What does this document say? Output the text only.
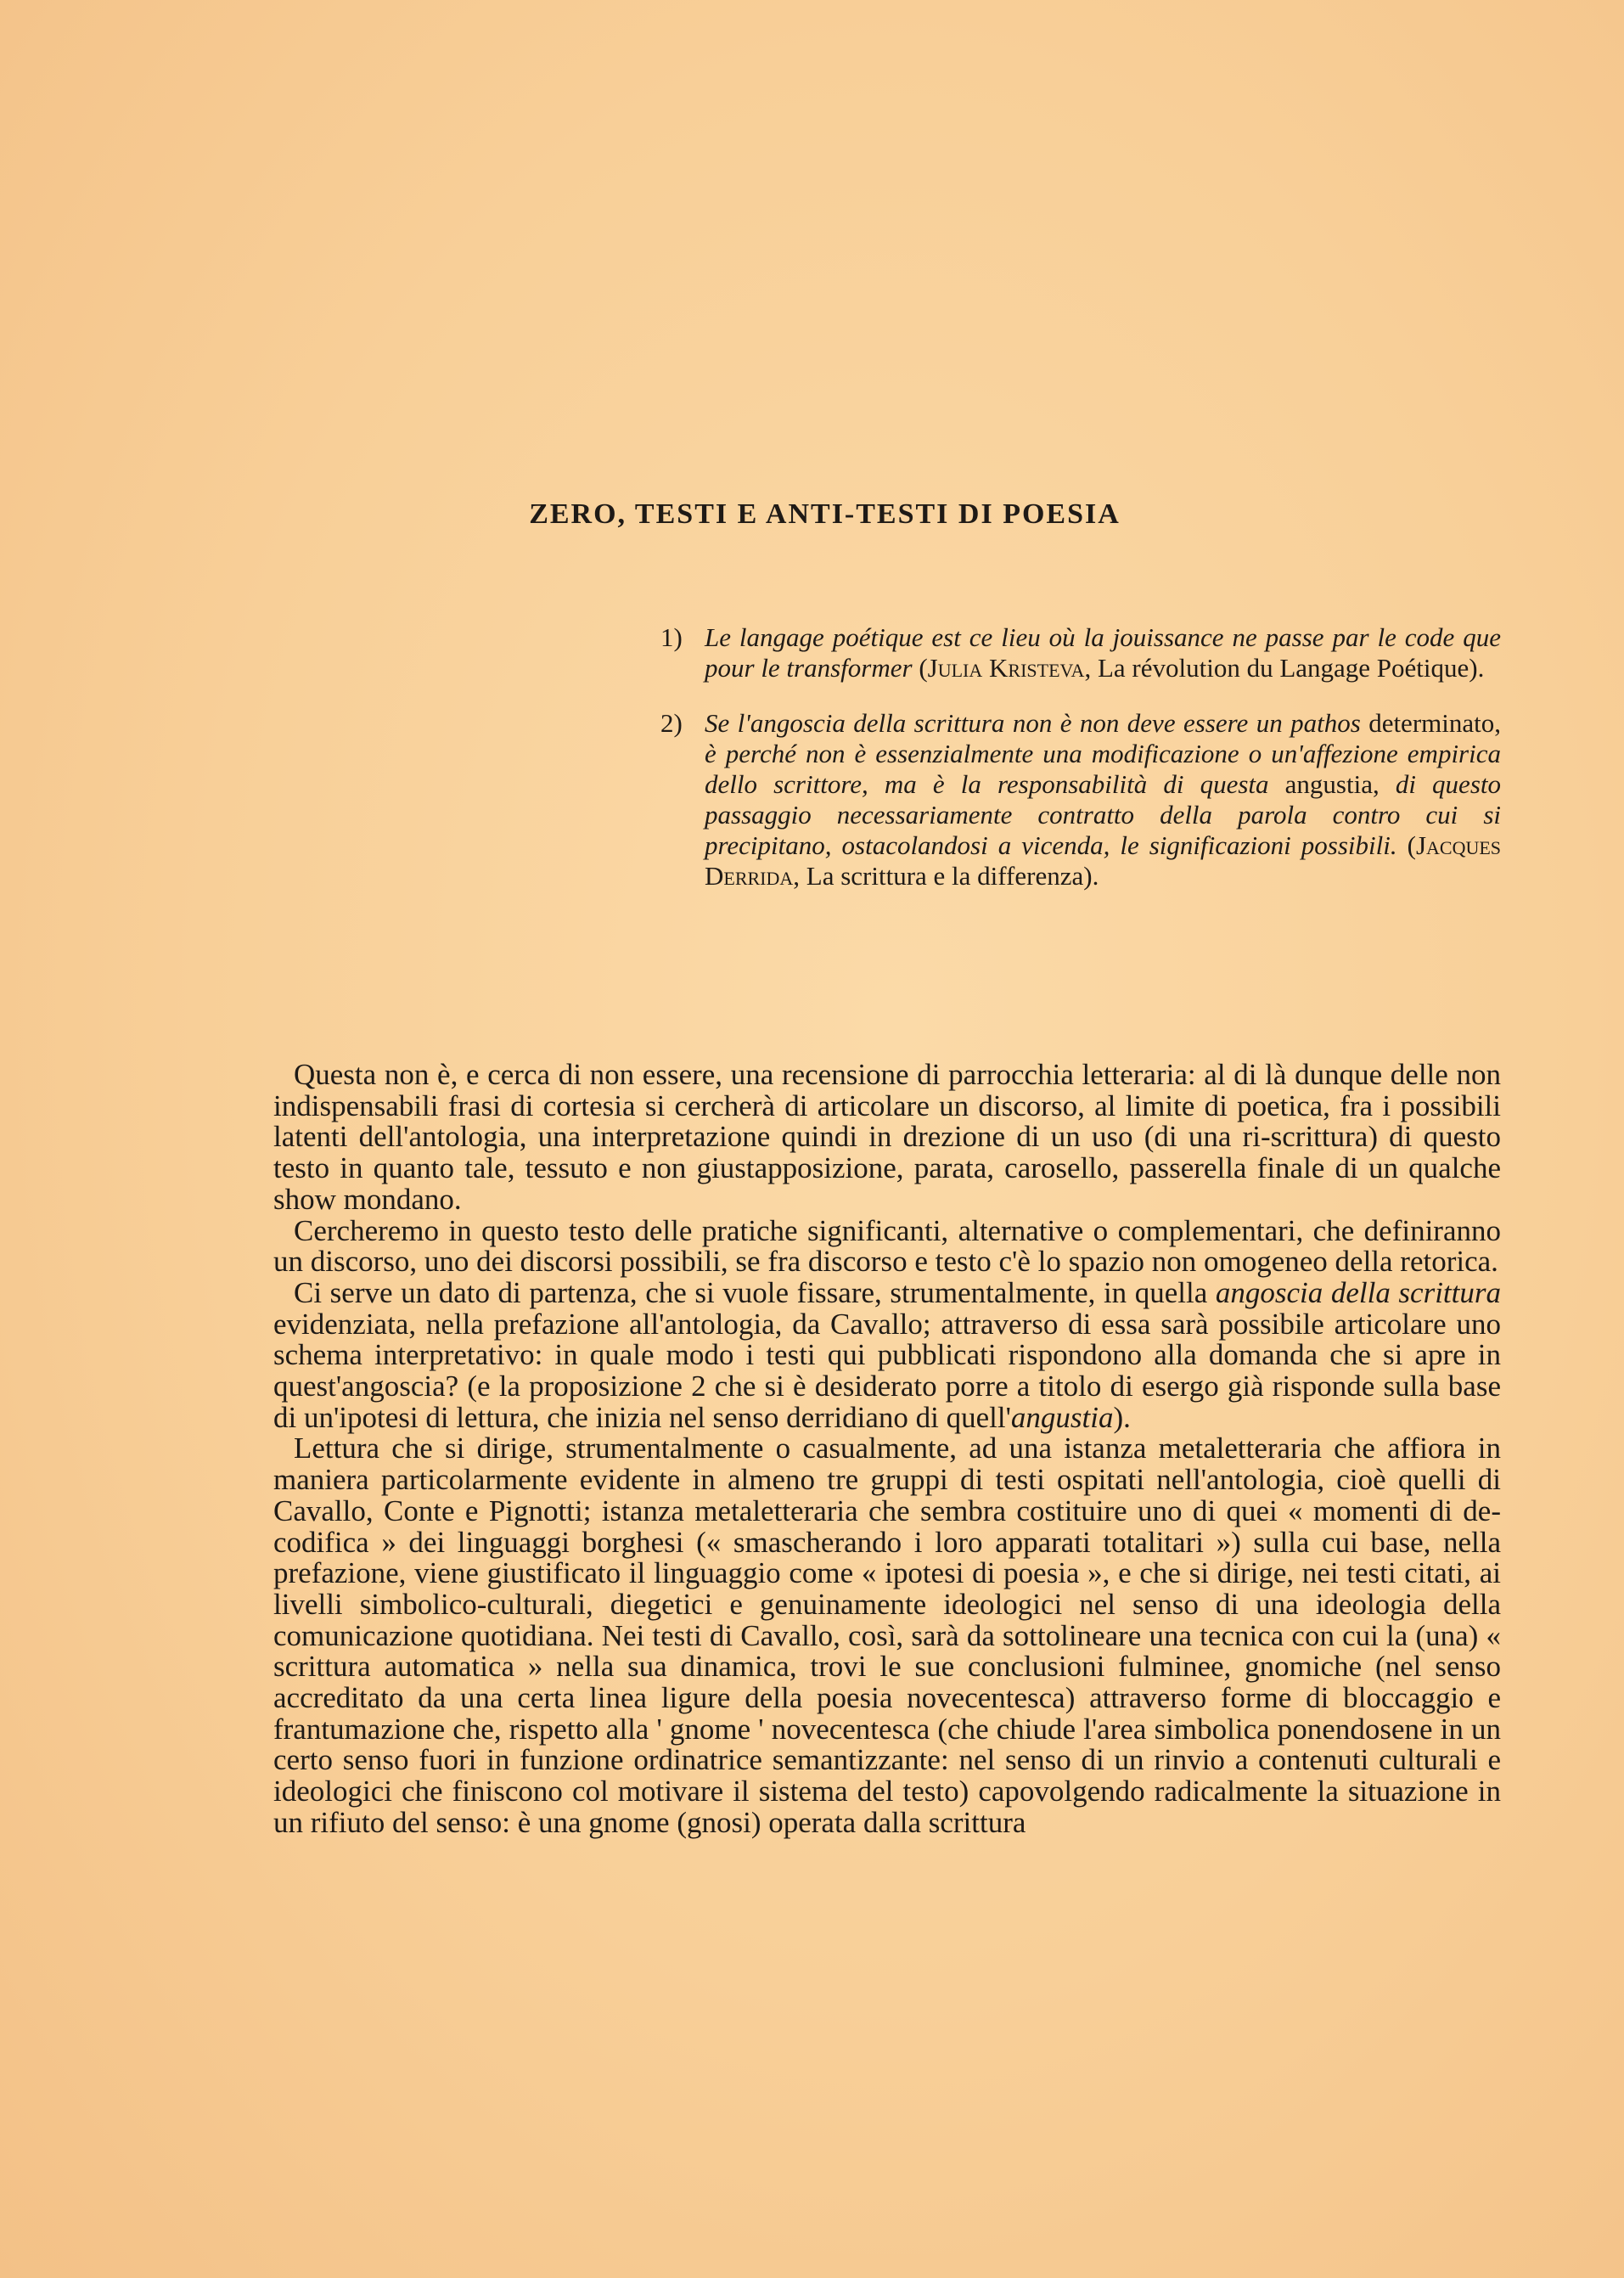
ZERO, TESTI E ANTI-TESTI DI POESIA
1) Le langage poétique est ce lieu où la jouissance ne passe par le code que pour le transformer (Julia Kristeva, La révolution du Langage Poétique).
2) Se l'angoscia della scrittura non è non deve essere un pathos determinato, è perché non è essenzialmente una modificazione o un'affezione empirica dello scrittore, ma è la responsabilità di questa angustia, di questo passaggio necessariamente contratto della parola contro cui si precipitano, ostacolandosi a vicenda, le significazioni possibili. (Jacques Derrida, La scrittura e la differenza).

Questa non è, e cerca di non essere, una recensione di parrocchia letteraria: al di là dunque delle non indispensabili frasi di cortesia si cercherà di articolare un discorso, al limite di poetica, fra i possibili latenti dell'antologia, una interpretazione quindi in drezione di un uso (di una ri-scrittura) di questo testo in quanto tale, tessuto e non giustapposizione, parata, carosello, passerella finale di un qualche show mondano.

Cercheremo in questo testo delle pratiche significanti, alternative o complementari, che definiranno un discorso, uno dei discorsi possibili, se fra discorso e testo c'è lo spazio non omogeneo della retorica.

Ci serve un dato di partenza, che si vuole fissare, strumentalmente, in quella angoscia della scrittura evidenziata, nella prefazione all'antologia, da Cavallo; attraverso di essa sarà possibile articolare uno schema interpretativo: in quale modo i testi qui pubblicati rispondono alla domanda che si apre in quest'angoscia? (e la proposizione 2 che si è desiderato porre a titolo di esergo già risponde sulla base di un'ipotesi di lettura, che inizia nel senso derridiano di quell'angustia).

Lettura che si dirige, strumentalmente o casualmente, ad una istanza metaletteraria che affiora in maniera particolarmente evidente in almeno tre gruppi di testi ospitati nell'antologia, cioè quelli di Cavallo, Conte e Pignotti; istanza metaletteraria che sembra costituire uno di quei « momenti di de-codifica » dei linguaggi borghesi (« smascherando i loro apparati totalitari ») sulla cui base, nella prefazione, viene giustificato il linguaggio come « ipotesi di poesia », e che si dirige, nei testi citati, ai livelli simbolico-culturali, diegetici e genuinamente ideologici nel senso di una ideologia della comunicazione quotidiana. Nei testi di Cavallo, così, sarà da sottolineare una tecnica con cui la (una) « scrittura automatica » nella sua dinamica, trovi le sue conclusioni fulminee, gnomiche (nel senso accreditato da una certa linea ligure della poesia novecentesca) attraverso forme di bloccaggio e frantumazione che, rispetto alla ' gnome ' novecentesca (che chiude l'area simbolica ponendosene in un certo senso fuori in funzione ordinatrice semantizzante: nel senso di un rinvio a contenuti culturali e ideologici che finiscono col motivare il sistema del testo) capovolgendo radicalmente la situazione in un rifiuto del senso: è una gnome (gnosi) operata dalla scrittura
